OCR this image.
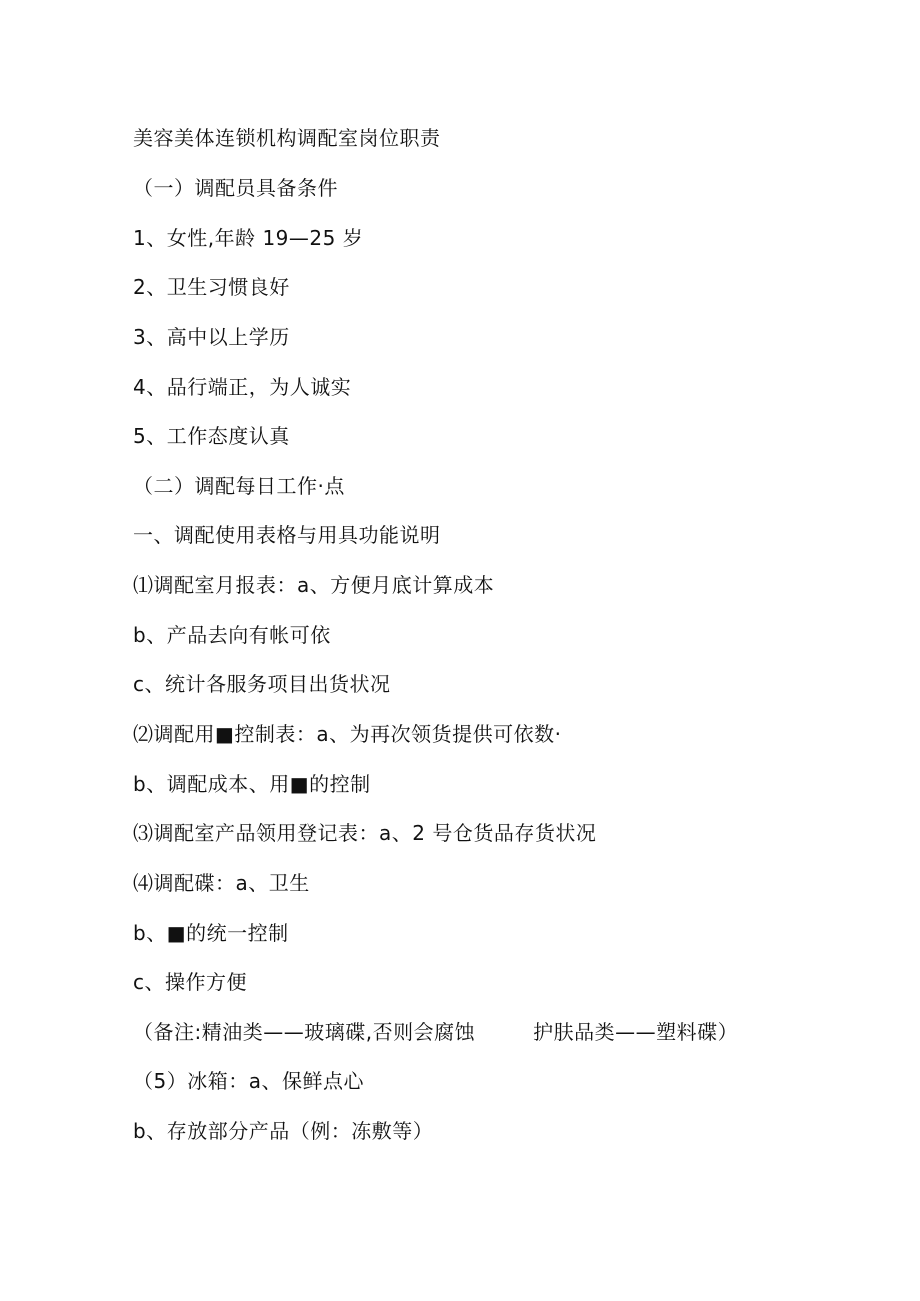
美容美体连锁机构调配室岗位职责
（一）调配员具备条件
1、女性,年龄 19—25 岁
2、卫生习惯良好
3、高中以上学历
4、品行端正，为人诚实
5、工作态度认真
（二）调配每日工作·点
一、调配使用表格与用具功能说明
⑴调配室月报表：a、方便月底计算成本
b、产品去向有帐可依
c、统计各服务项目出货状况
⑵调配用■控制表：a、为再次领货提供可依数·
b、调配成本、用■的控制
⑶调配室产品领用登记表：a、2 号仓货品存货状况
⑷调配碟：a、卫生
b、■的统一控制
c、操作方便
（备注:精油类——玻璃碟,否则会腐蚀	护肤品类——塑料碟）
（5）冰箱：a、保鲜点心
b、存放部分产品（例：冻敷等）
